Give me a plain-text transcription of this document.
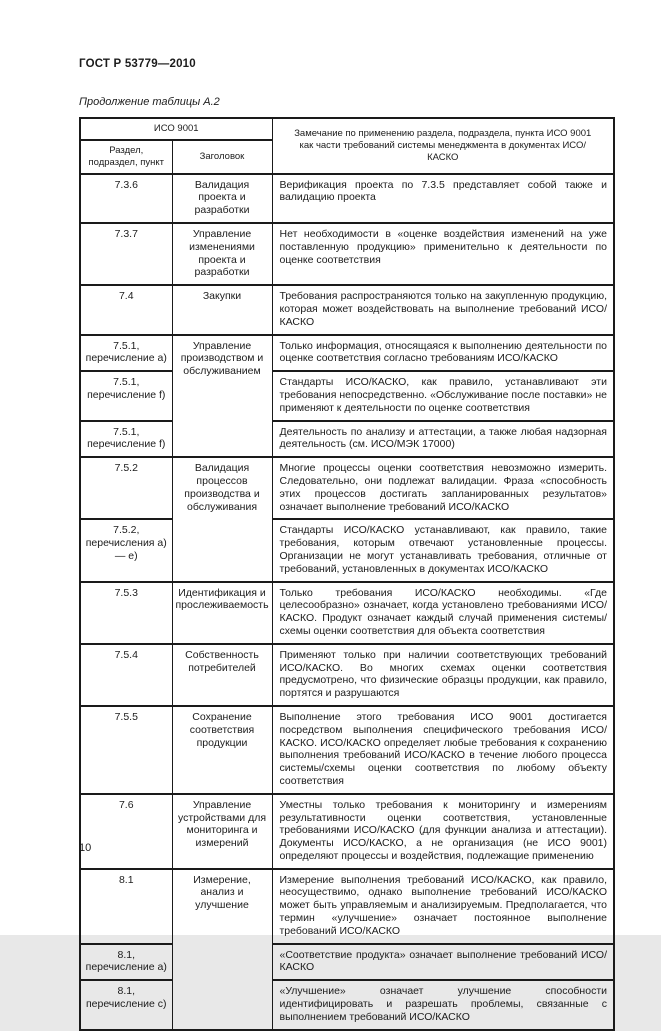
ГОСТ Р 53779—2010
Продолжение таблицы А.2
ИСО 9001		Замечание по применению раздела, подраздела, пункта ИСО 9001 как части требований системы менеджмента в документах ИСО/КАСКО
Раздел, подраздел, пункт	Заголовок	
7.3.6	Валидация проекта и разработки	Верификация проекта по 7.3.5 представляет собой также и валидацию проекта
7.3.7	Управление изменениями проекта и разработки	Нет необходимости в «оценке воздействия изменений на уже поставленную продукцию» применительно к деятельности по оценке соответствия
7.4	Закупки	Требования распространяются только на закупленную продукцию, которая может воздействовать на выполнение требований ИСО/КАСКО
7.5.1, перечисление а)	Управление производством и обслуживанием	Только информация, относящаяся к выполнению деятельности по оценке соответствия согласно требованиям ИСО/КАСКО
7.5.1, перечисление f)		Стандарты ИСО/КАСКО, как правило, устанавливают эти требования непосредственно. «Обслуживание после поставки» не применяют к деятельности по оценке соответствия
7.5.1, перечисление f)		Деятельность по анализу и аттестации, а также любая надзорная деятельность (см. ИСО/МЭК 17000)
7.5.2	Валидация процессов производства и обслуживания	Многие процессы оценки соответствия невозможно измерить. Следовательно, они подлежат валидации. Фраза «способность этих процессов достигать запланированных результатов» означает выполнение требований ИСО/КАСКО
7.5.2, перечисления а) — е)		Стандарты ИСО/КАСКО устанавливают, как правило, такие требования, которым отвечают установленные процессы. Организации не могут устанавливать требования, отличные от требований, установленных в документах ИСО/КАСКО
7.5.3	Идентификация и прослеживаемость	Только требования ИСО/КАСКО необходимы. «Где целесообразно» означает, когда установлено требованиями ИСО/КАСКО. Продукт означает каждый случай применения системы/схемы оценки соответствия для объекта соответствия
7.5.4	Собственность потребителей	Применяют только при наличии соответствующих требований ИСО/КАСКО. Во многих схемах оценки соответствия предусмотрено, что физические образцы продукции, как правило, портятся и разрушаются
7.5.5	Сохранение соответствия продукции	Выполнение этого требования ИСО 9001 достигается посредством выполнения специфического требования ИСО/КАСКО. ИСО/КАСКО определяет любые требования к сохранению выполнения требований ИСО/КАСКО в течение любого процесса системы/схемы оценки соответствия по любому объекту соответствия
7.6	Управление устройствами для мониторинга и измерений	Уместны только требования к мониторингу и измерениям результативности оценки соответствия, установленные требованиями ИСО/КАСКО (для функции анализа и аттестации). Документы ИСО/КАСКО, а не организация (не ИСО 9001) определяют процессы и воздействия, подлежащие применению
8.1	Измерение, анализ и улучшение	Измерение выполнения требований ИСО/КАСКО, как правило, неосуществимо, однако выполнение требований ИСО/КАСКО может быть управляемым и анализируемым. Предполагается, что термин «улучшение» означает постоянное выполнение требований ИСО/КАСКО
8.1, перечисление а)		«Соответствие продукта» означает выполнение требований ИСО/КАСКО
8.1, перечисление с)		«Улучшение» означает улучшение способности идентифицировать и разрешать проблемы, связанные с выполнением требований ИСО/КАСКО
10
